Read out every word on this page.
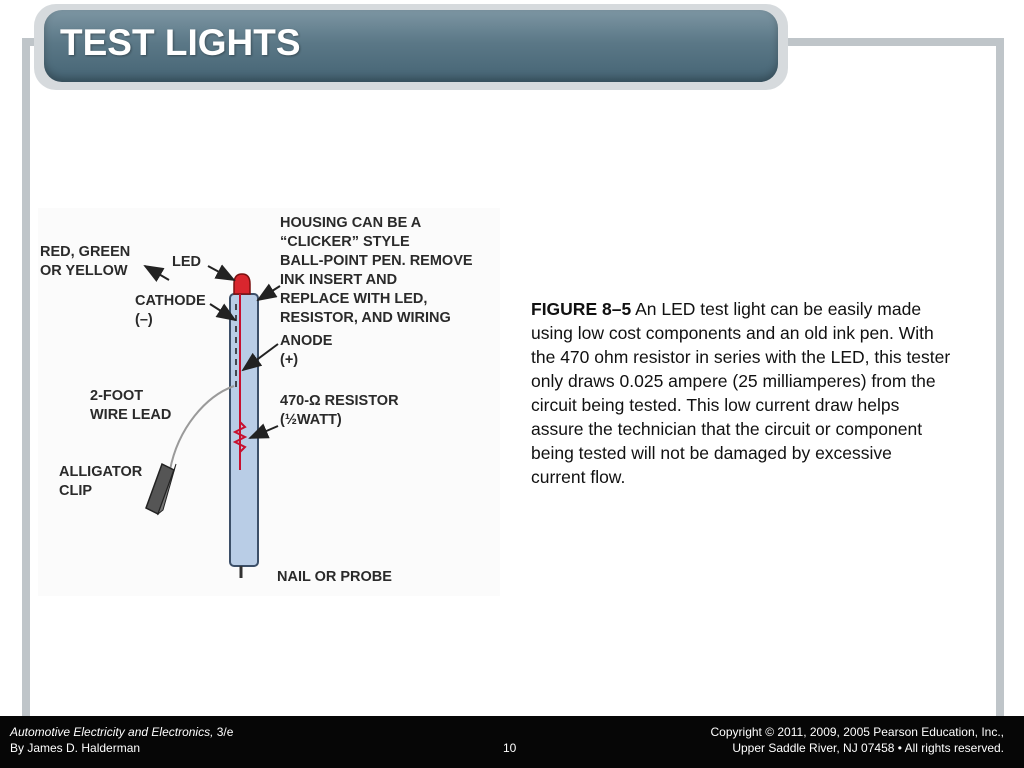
TEST LIGHTS
RED, GREEN
OR YELLOW
LED
HOUSING CAN BE A
“CLICKER” STYLE
BALL-POINT PEN. REMOVE
INK INSERT AND
REPLACE WITH LED,
RESISTOR, AND WIRING
CATHODE
(–)
ANODE
(+)
2-FOOT
WIRE LEAD
470-Ω RESISTOR
(½WATT)
ALLIGATOR
CLIP
NAIL OR PROBE
FIGURE 8–5 An LED test light can be easily made using low cost components and an old ink pen. With the 470 ohm resistor in series with the LED, this tester only draws 0.025 ampere (25 milliamperes) from the circuit being tested. This low current draw helps assure the technician that the circuit or component being tested will not be damaged by excessive current flow.
Automotive Electricity and Electronics, 3/e
By James D. Halderman	10
Copyright © 2011, 2009, 2005 Pearson Education, Inc.,
Upper Saddle River, NJ 07458 • All rights reserved.
